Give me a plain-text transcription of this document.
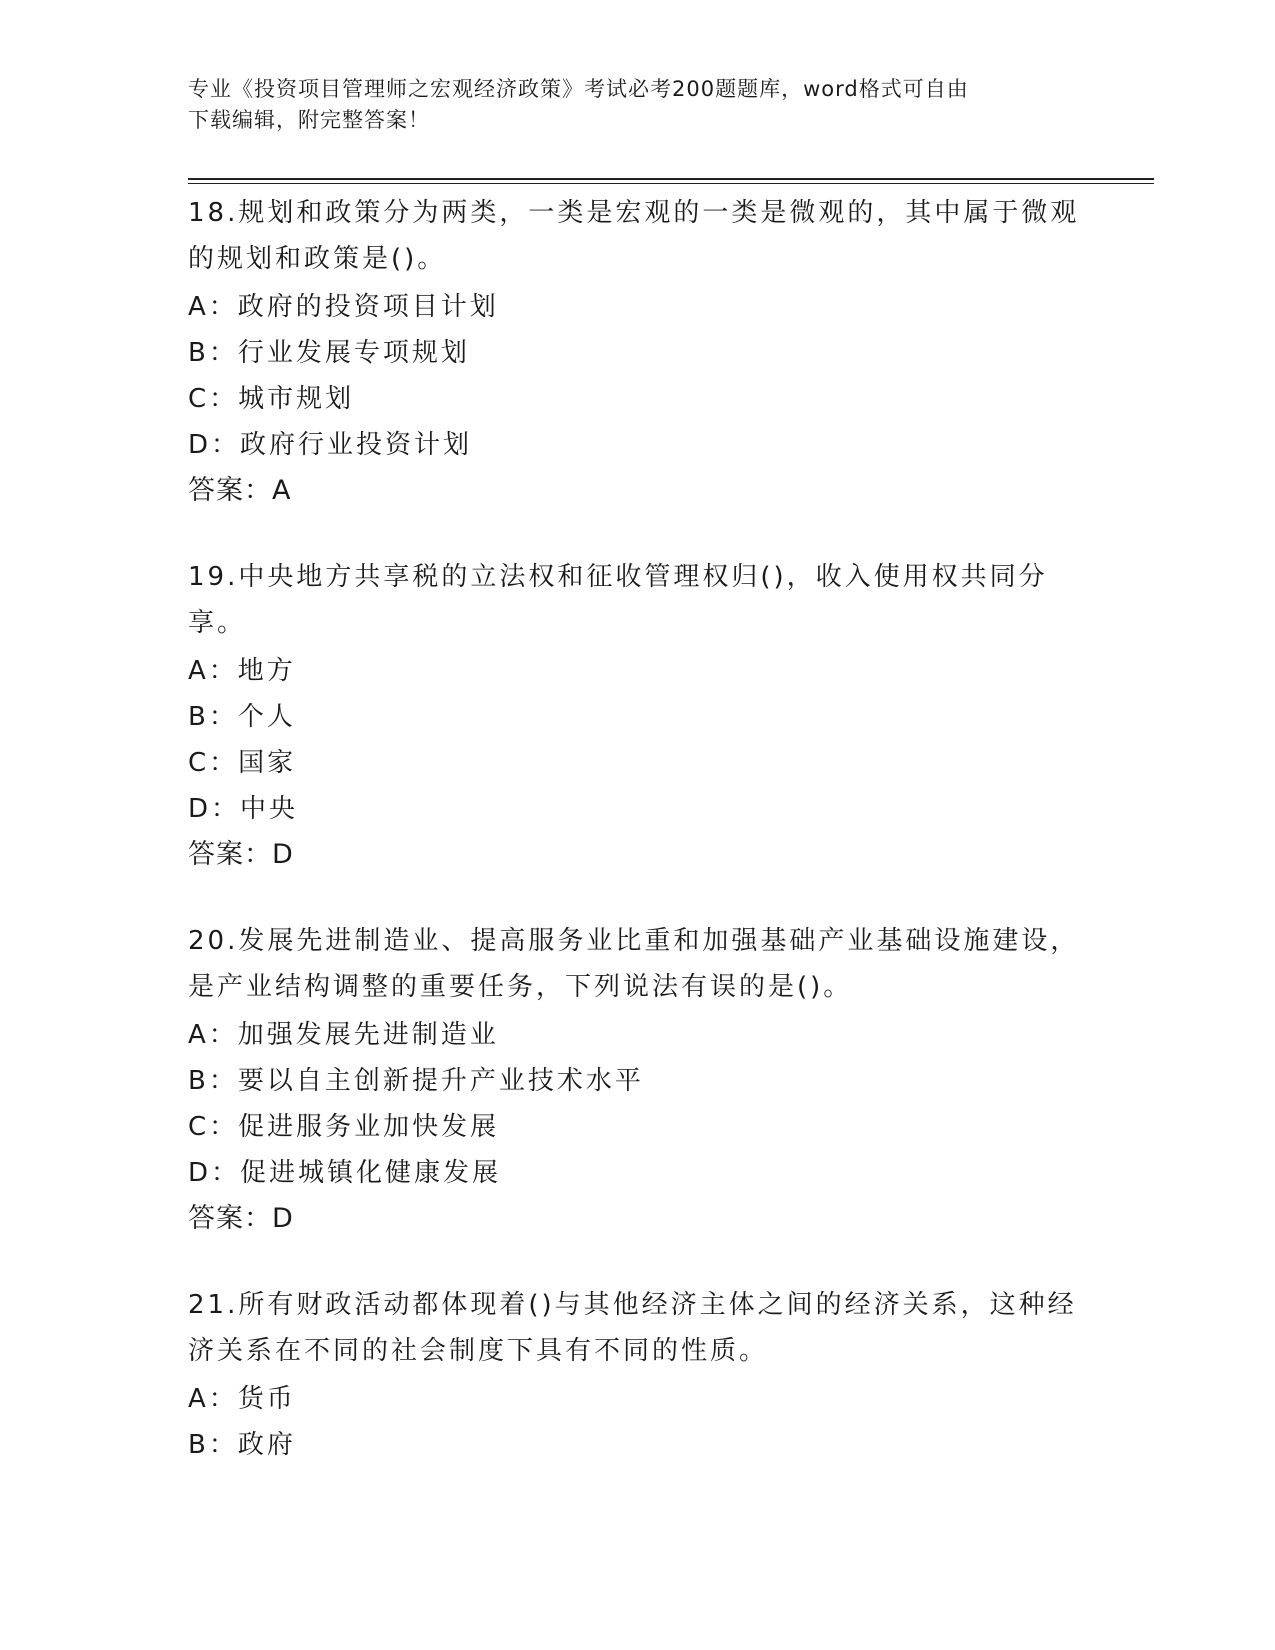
专业《投资项目管理师之宏观经济政策》考试必考200题题库，word格式可自由
下载编辑，附完整答案！
18.规划和政策分为两类，一类是宏观的一类是微观的，其中属于微观的规划和政策是()。
A：政府的投资项目计划
B：行业发展专项规划
C：城市规划
D：政府行业投资计划
答案：A
19.中央地方共享税的立法权和征收管理权归()，收入使用权共同分享。
A：地方
B：个人
C：国家
D：中央
答案：D
20.发展先进制造业、提高服务业比重和加强基础产业基础设施建设，是产业结构调整的重要任务，下列说法有误的是()。
A：加强发展先进制造业
B：要以自主创新提升产业技术水平
C：促进服务业加快发展
D：促进城镇化健康发展
答案：D
21.所有财政活动都体现着()与其他经济主体之间的经济关系，这种经济关系在不同的社会制度下具有不同的性质。
A：货币
B：政府
